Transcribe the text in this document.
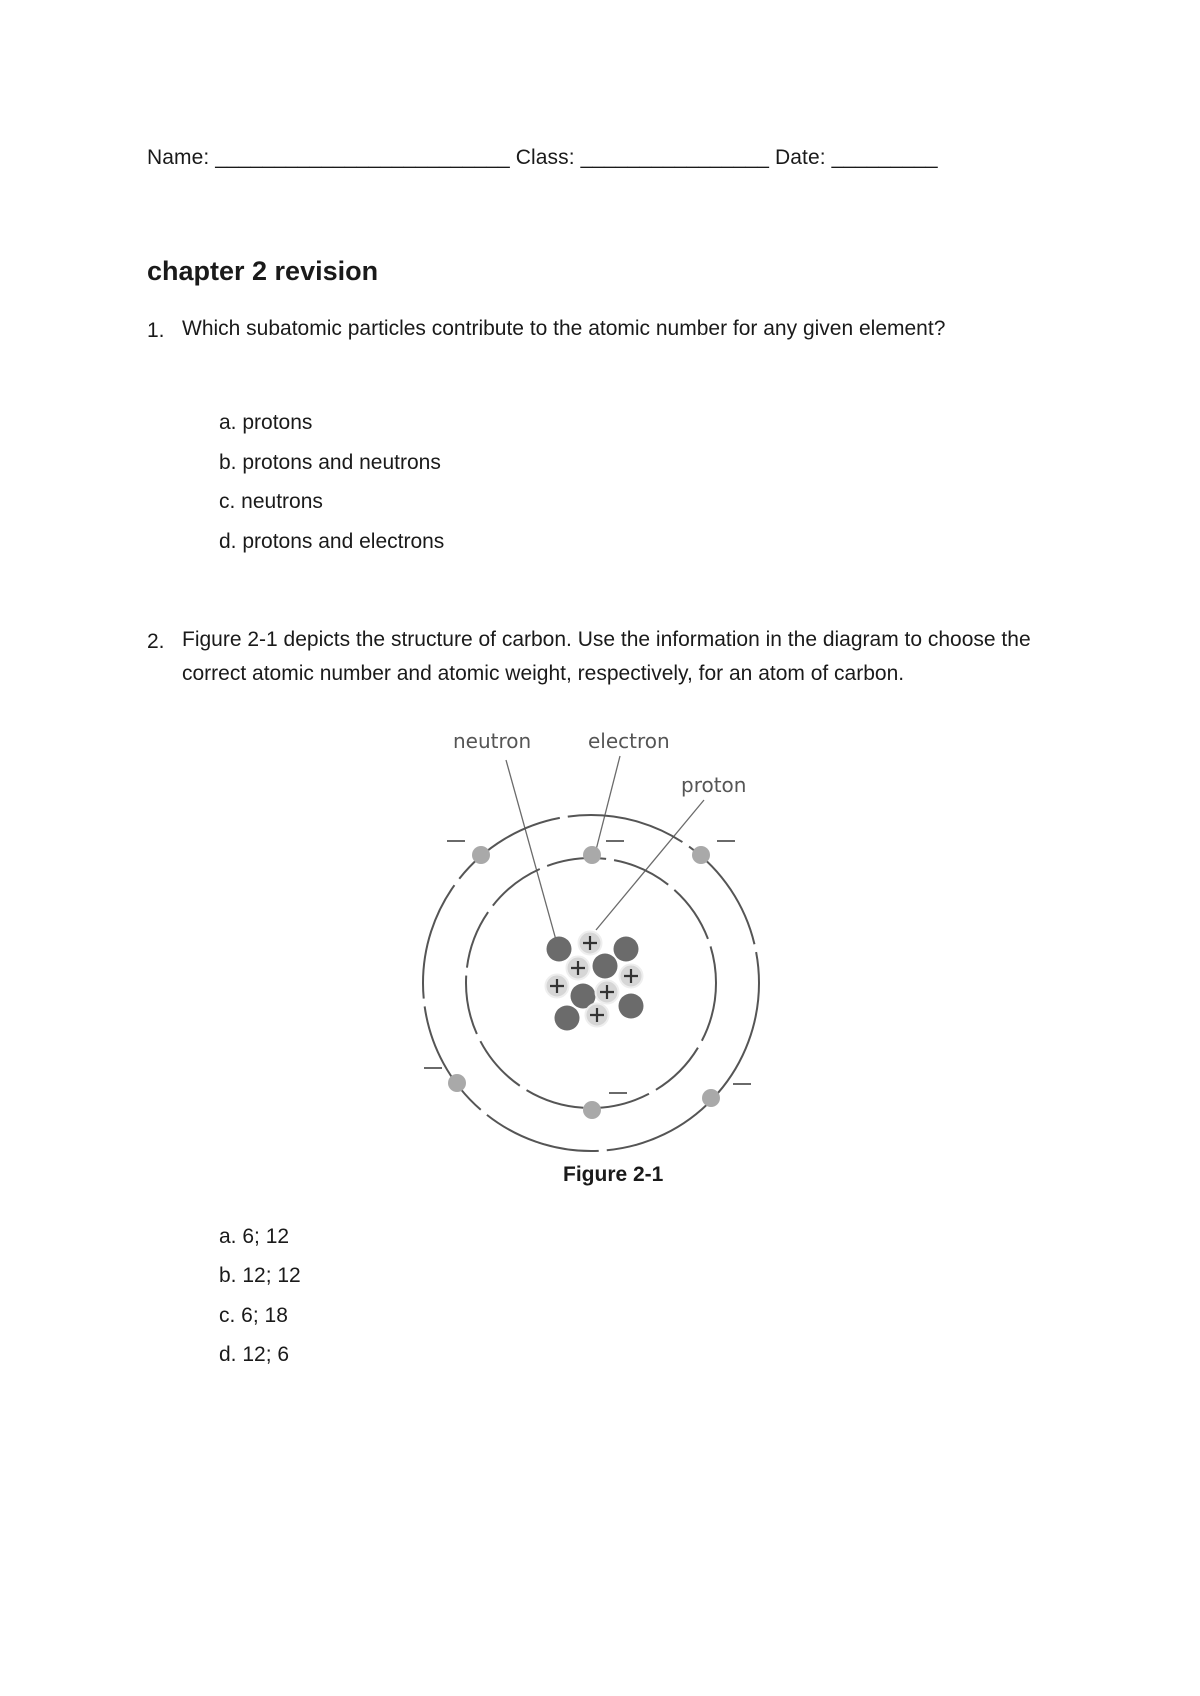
Name: _________________________ Class: ________________ Date: _________
chapter 2 revision
1. Which subatomic particles contribute to the atomic number for any given element?
a. protons
b. protons and neutrons
c. neutrons
d. protons and electrons
2. Figure 2-1 depicts the structure of carbon. Use the information in the diagram to choose the correct atomic number and atomic weight, respectively, for an atom of carbon.
neutron	electron
proton
Figure 2-1
a. 6; 12
b. 12; 12
c. 6; 18
d. 12; 6
